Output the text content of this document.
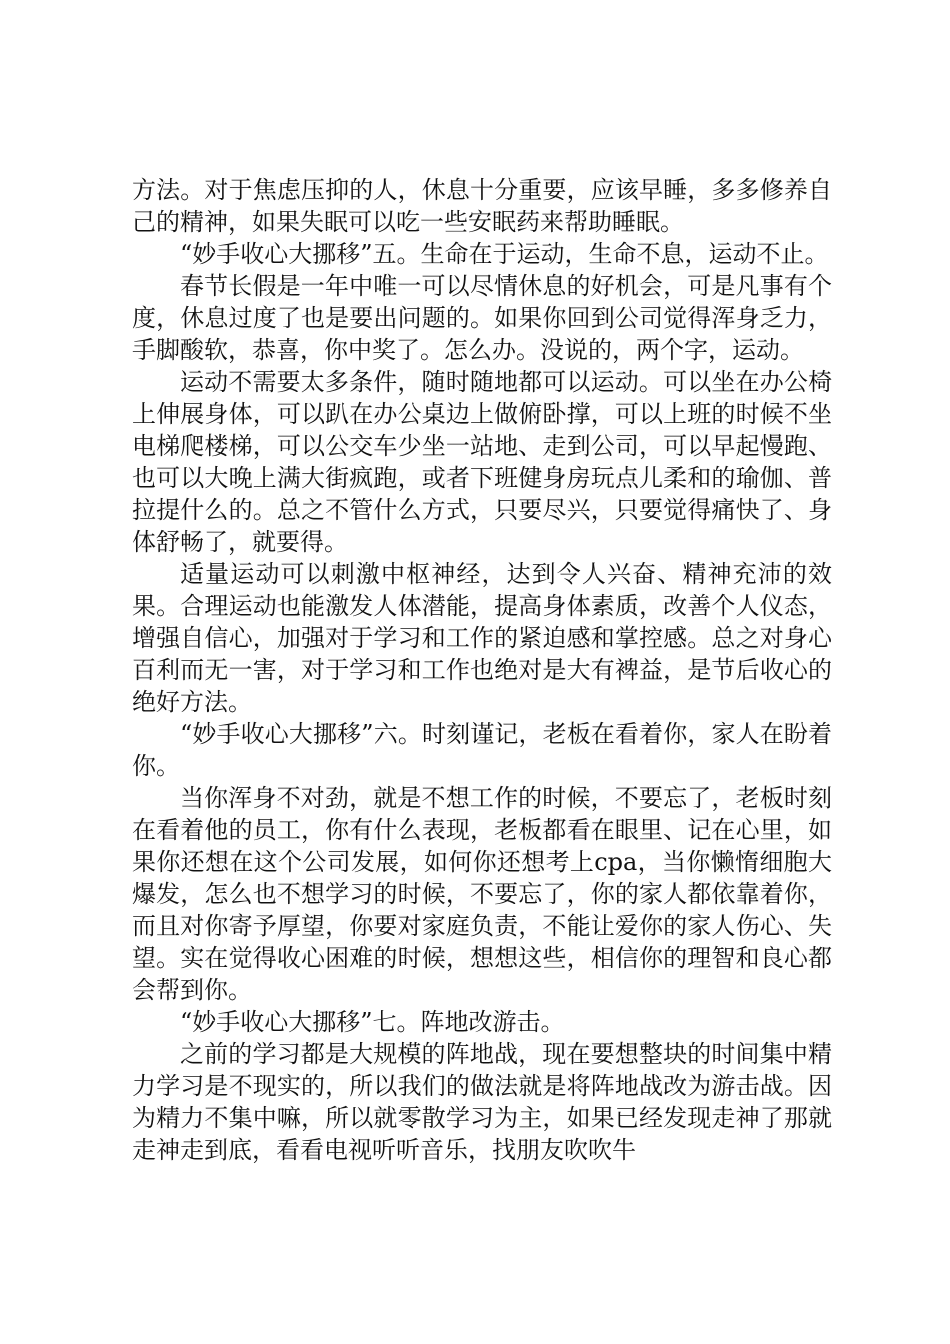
方法。对于焦虑压抑的人，休息十分重要，应该早睡，多多修养自己的精神，如果失眠可以吃一些安眠药来帮助睡眠。

“妙手收心大挪移”五。生命在于运动，生命不息，运动不止。

春节长假是一年中唯一可以尽情休息的好机会，可是凡事有个度，休息过度了也是要出问题的。如果你回到公司觉得浑身乏力，手脚酸软，恭喜，你中奖了。怎么办。没说的，两个字，运动。

运动不需要太多条件，随时随地都可以运动。可以坐在办公椅上伸展身体，可以趴在办公桌边上做俯卧撑，可以上班的时候不坐电梯爬楼梯，可以公交车少坐一站地、走到公司，可以早起慢跑、也可以大晚上满大街疯跑，或者下班健身房玩点儿柔和的瑜伽、普拉提什么的。总之不管什么方式，只要尽兴，只要觉得痛快了、身体舒畅了，就要得。

适量运动可以刺激中枢神经，达到令人兴奋、精神充沛的效果。合理运动也能激发人体潜能，提高身体素质，改善个人仪态，增强自信心，加强对于学习和工作的紧迫感和掌控感。总之对身心百利而无一害，对于学习和工作也绝对是大有裨益，是节后收心的绝好方法。

“妙手收心大挪移”六。时刻谨记，老板在看着你，家人在盼着你。

当你浑身不对劲，就是不想工作的时候，不要忘了，老板时刻在看着他的员工，你有什么表现，老板都看在眼里、记在心里，如果你还想在这个公司发展，如何你还想考上cpa，当你懒惰细胞大爆发，怎么也不想学习的时候，不要忘了，你的家人都依靠着你，而且对你寄予厚望，你要对家庭负责，不能让爱你的家人伤心、失望。实在觉得收心困难的时候，想想这些，相信你的理智和良心都会帮到你。

“妙手收心大挪移”七。阵地改游击。

之前的学习都是大规模的阵地战，现在要想整块的时间集中精力学习是不现实的，所以我们的做法就是将阵地战改为游击战。因为精力不集中嘛，所以就零散学习为主，如果已经发现走神了那就走神走到底，看看电视听听音乐，找朋友吹吹牛
